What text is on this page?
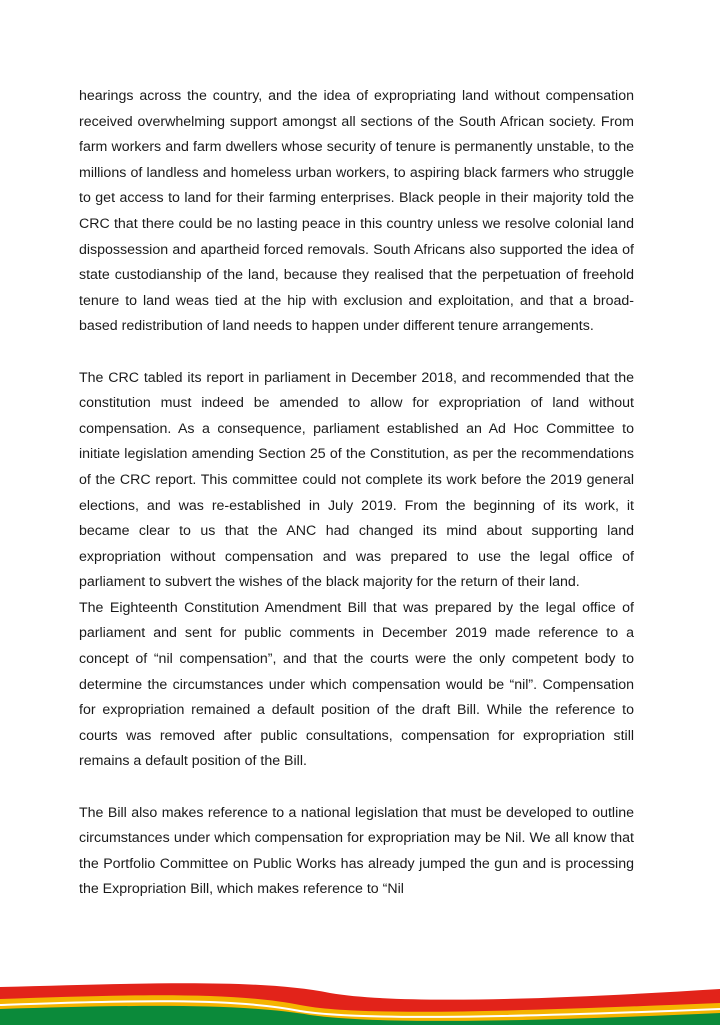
hearings across the country, and the idea of expropriating land without compensation received overwhelming support amongst all sections of the South African society. From farm workers and farm dwellers whose security of tenure is permanently unstable, to the millions of landless and homeless urban workers, to aspiring black farmers who struggle to get access to land for their farming enterprises. Black people in their majority told the CRC that there could be no lasting peace in this country unless we resolve colonial land dispossession and apartheid forced removals. South Africans also supported the idea of state custodianship of the land, because they realised that the perpetuation of freehold tenure to land weas tied at the hip with exclusion and exploitation, and that a broad-based redistribution of land needs to happen under different tenure arrangements.

The CRC tabled its report in parliament in December 2018, and recommended that the constitution must indeed be amended to allow for expropriation of land without compensation. As a consequence, parliament established an Ad Hoc Committee to initiate legislation amending Section 25 of the Constitution, as per the recommendations of the CRC report. This committee could not complete its work before the 2019 general elections, and was re-established in July 2019. From the beginning of its work, it became clear to us that the ANC had changed its mind about supporting land expropriation without compensation and was prepared to use the legal office of parliament to subvert the wishes of the black majority for the return of their land.

The Eighteenth Constitution Amendment Bill that was prepared by the legal office of parliament and sent for public comments in December 2019 made reference to a concept of “nil compensation”, and that the courts were the only competent body to determine the circumstances under which compensation would be “nil”. Compensation for expropriation remained a default position of the draft Bill. While the reference to courts was removed after public consultations, compensation for expropriation still remains a default position of the Bill.

The Bill also makes reference to a national legislation that must be developed to outline circumstances under which compensation for expropriation may be Nil. We all know that the Portfolio Committee on Public Works has already jumped the gun and is processing the Expropriation Bill, which makes reference to “Nil
